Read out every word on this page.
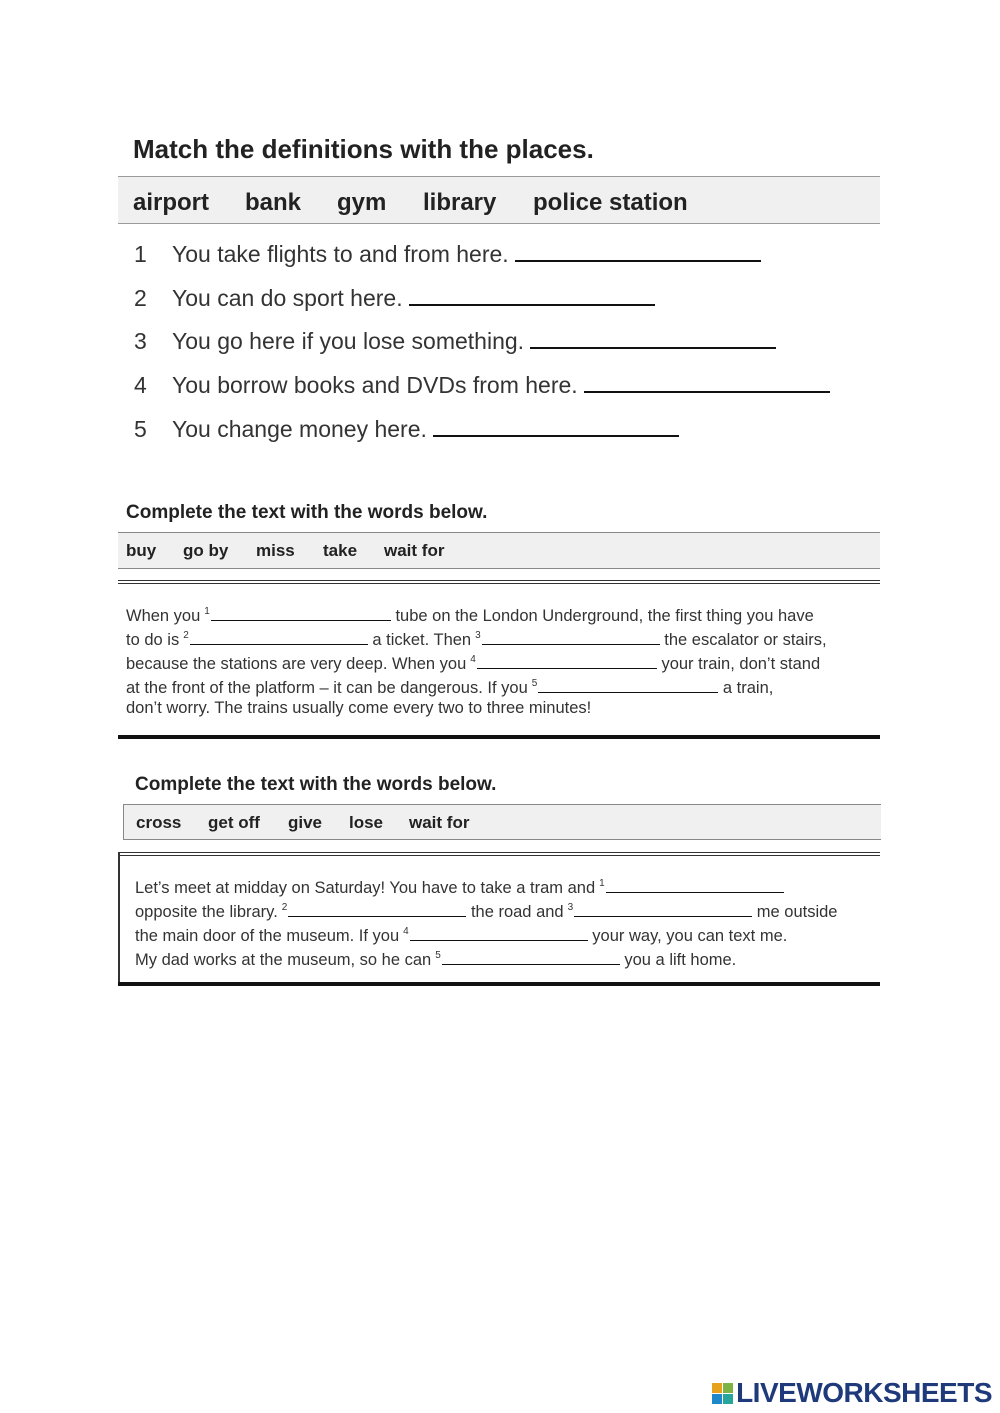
Match the definitions with the places.
airport bank gym library police station
1 You take flights to and from here.
2 You can do sport here.
3 You go here if you lose something.
4 You borrow books and DVDs from here.
5 You change money here.
Complete the text with the words below.
buy go by miss take wait for
When you $^1$	tube on the London Underground, the first thing you have
to do is $^2$	a ticket. Then $^3$	the escalator or stairs,
because the stations are very deep. When you $^4$	your train, don’t stand
at the front of the platform – it can be dangerous. If you $^5$	a train,
don’t worry. The trains usually come every two to three minutes!
Complete the text with the words below.
cross get off give lose wait for
Let’s meet at midday on Saturday! You have to take a tram and $^1$
opposite the library. $^2$	the road and $^3$	me outside
the main door of the museum. If you $^4$	your way, you can text me.
My dad works at the museum, so he can $^5$	you a lift home.
LIVEWORKSHEETS
